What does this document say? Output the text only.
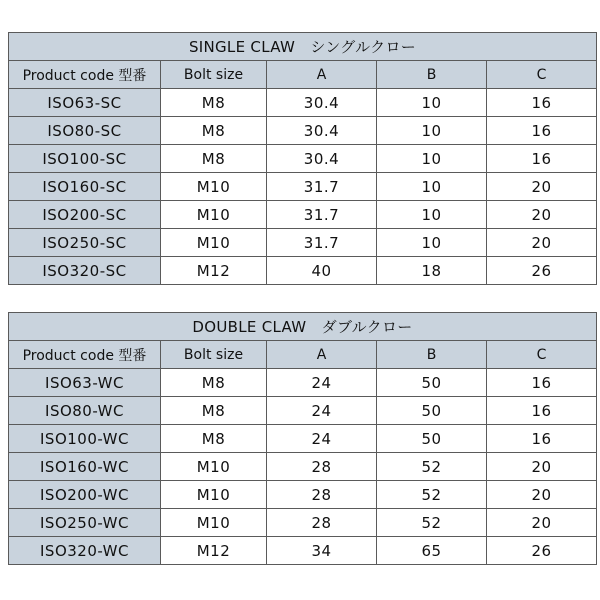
SINGLE CLAW　シングルクロー				
Product code 型番	Bolt size	A	B	C
ISO63-SC	M8	30.4	10	16
ISO80-SC	M8	30.4	10	16
ISO100-SC	M8	30.4	10	16
ISO160-SC	M10	31.7	10	20
ISO200-SC	M10	31.7	10	20
ISO250-SC	M10	31.7	10	20
ISO320-SC	M12	40	18	26
DOUBLE CLAW　ダブルクロー				
Product code 型番	Bolt size	A	B	C
ISO63-WC	M8	24	50	16
ISO80-WC	M8	24	50	16
ISO100-WC	M8	24	50	16
ISO160-WC	M10	28	52	20
ISO200-WC	M10	28	52	20
ISO250-WC	M10	28	52	20
ISO320-WC	M12	34	65	26
